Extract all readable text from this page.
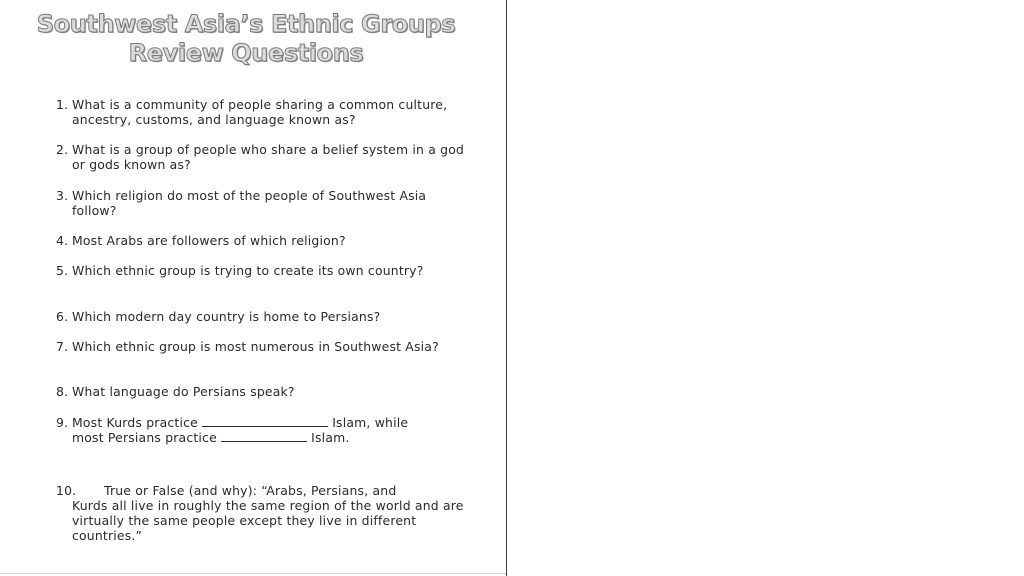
Southwest Asia’s Ethnic Groups
Review Questions
1. What is a community of people sharing a common culture, ancestry, customs, and language known as?
2. What is a group of people who share a belief system in a god or gods known as?
3. Which religion do most of the people of Southwest Asia follow?
4. Most Arabs are followers of which religion?
5. Which ethnic group is trying to create its own country?
6. Which modern day country is home to Persians?
7. Which ethnic group is most numerous in Southwest Asia?
8. What language do Persians speak?
9. Most Kurds practice	Islam, while
most Persians practice	Islam.
10.	True or False (and why): “Arabs, Persians, and
Kurds all live in roughly the same region of the world and are virtually the same people except they live in different countries.”
